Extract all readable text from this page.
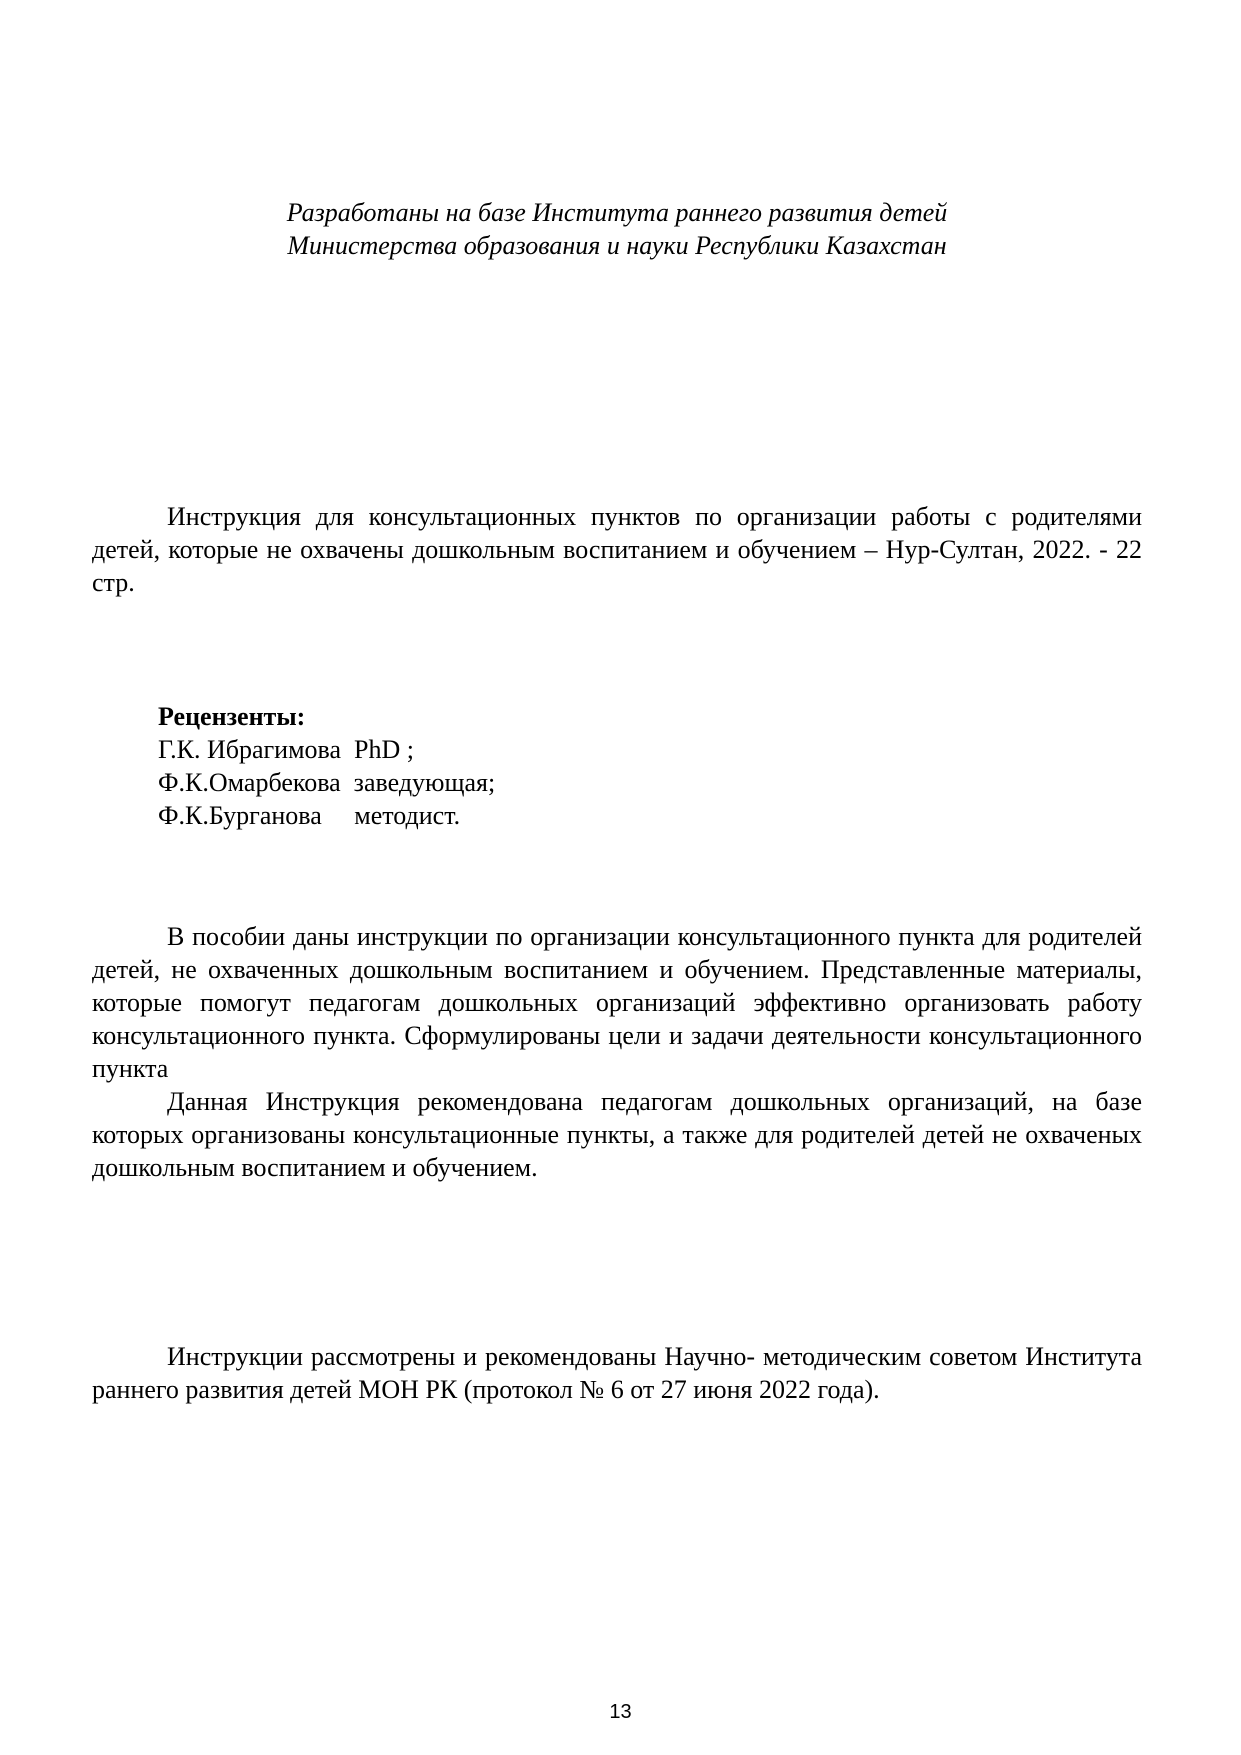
Разработаны на базе Института раннего развития детей
Министерства образования и науки Республики Казахстан

Инструкция для консультационных пунктов по организации работы с родителями детей, которые не охвачены дошкольным воспитанием и обучением – Нур-Султан, 2022. - 22 стр.

Рецензенты:
Г.К. Ибрагимова  PhD ;
Ф.К.Омарбекова  заведующая;
Ф.К.Бурганова     методист.

В пособии даны инструкции по организации консультационного пункта для родителей детей, не охваченных дошкольным воспитанием и обучением. Представленные материалы, которые помогут педагогам дошкольных организаций эффективно организовать работу консультационного пункта. Сформулированы цели и задачи деятельности консультационного пункта

Данная Инструкция рекомендована педагогам дошкольных организаций, на базе которых организованы консультационные пункты, а также для родителей детей не охваченых дошкольным воспитанием и обучением.

Инструкции рассмотрены и рекомендованы Научно- методическим советом Института раннего развития детей МОН РК (протокол № 6 от 27 июня 2022 года).

13
